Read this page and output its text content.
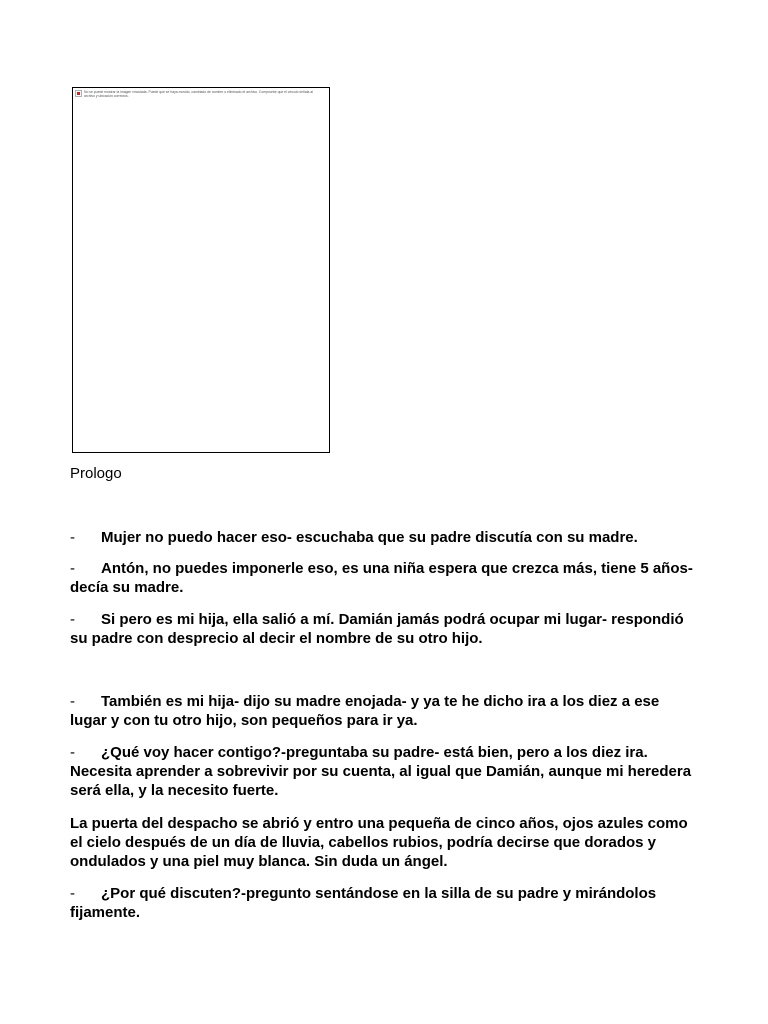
No se puede mostrar la imagen vinculada. Puede que se haya movido, cambiado de nombre o eliminado el archivo. Compruebe que el vínculo señala al archivo y ubicación correctos.

Prologo

- Mujer no puedo hacer eso- escuchaba que su padre discutía con su madre.

- Antón, no puedes imponerle eso, es una niña espera que crezca más, tiene 5 años- decía su madre.

- Si pero es mi hija, ella salió a mí. Damián jamás podrá ocupar mi lugar- respondió su padre con desprecio al decir el nombre de su otro hijo.

- También es mi hija- dijo su madre enojada- y ya te he dicho ira a los diez a ese lugar y con tu otro hijo, son pequeños para ir ya.

- ¿Qué voy hacer contigo?-preguntaba su padre- está bien, pero a los diez ira. Necesita aprender a sobrevivir por su cuenta, al igual que Damián, aunque mi heredera será ella, y la necesito fuerte.

La puerta del despacho se abrió y entro una pequeña de cinco años, ojos azules como el cielo después de un día de lluvia, cabellos rubios, podría decirse que dorados y ondulados y una piel muy blanca. Sin duda un ángel.

- ¿Por qué discuten?-pregunto sentándose en la silla de su padre y mirándolos fijamente.
